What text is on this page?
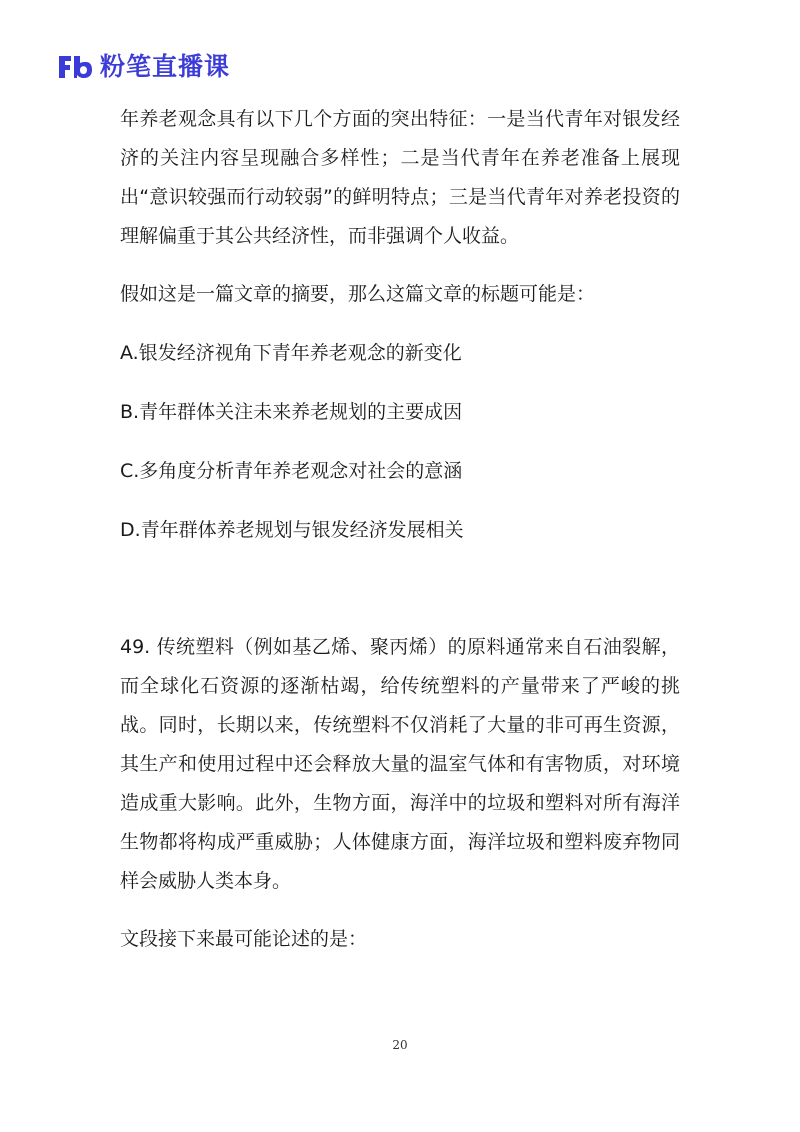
粉笔直播课

年养老观念具有以下几个方面的突出特征：一是当代青年对银发经济的关注内容呈现融合多样性；二是当代青年在养老准备上展现出“意识较强而行动较弱”的鲜明特点；三是当代青年对养老投资的理解偏重于其公共经济性，而非强调个人收益。

假如这是一篇文章的摘要，那么这篇文章的标题可能是：

A.银发经济视角下青年养老观念的新变化

B.青年群体关注未来养老规划的主要成因

C.多角度分析青年养老观念对社会的意涵

D.青年群体养老规划与银发经济发展相关

49. 传统塑料（例如基乙烯、聚丙烯）的原料通常来自石油裂解，而全球化石资源的逐渐枯竭，给传统塑料的产量带来了严峻的挑战。同时，长期以来，传统塑料不仅消耗了大量的非可再生资源，其生产和使用过程中还会释放大量的温室气体和有害物质，对环境造成重大影响。此外，生物方面，海洋中的垃圾和塑料对所有海洋生物都将构成严重威胁；人体健康方面，海洋垃圾和塑料废弃物同样会威胁人类本身。

文段接下来最可能论述的是：

20
